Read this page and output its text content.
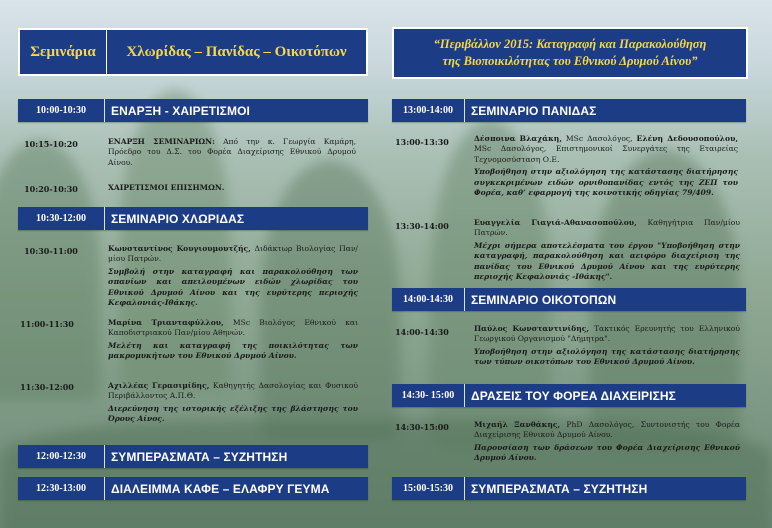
Σεμινάρια	Χλωρίδας – Πανίδας – Οικοτόπων	“Περιβάλλον 2015: Καταγραφή και Παρακολούθηση
της Βιοποικιλότητας του Εθνικού Δρυμού Αίνου”
10:00-10:30	ΕΝΑΡΞΗ - ΧΑΙΡΕΤΙΣΜΟΙ
10:15-10:20	ΕΝΑΡΞΗ ΣΕΜΙΝΑΡΙΩΝ: Από την κ. Γεωργία Καμάρη, Πρόεδρο του Δ.Σ. του Φορέα Διαχείρισης Εθνικού Δρυμού Αίνου.
10:20-10:30	ΧΑΙΡΕΤΙΣΜΟΙ ΕΠΙΣΗΜΩΝ.
10:30-12:00	ΣΕΜΙΝΑΡΙΟ ΧΛΩΡΙΔΑΣ
10:30-11:00	Κωνσταντίνος Κουγιουμουτζής, Διδάκτωρ Βιολογίας Παν/μίου Πατρών.
Συμβολή στην καταγραφή και παρακολούθηση των σπανίων και απειλουμένων ειδών χλωρίδας του Εθνικού Δρυμού Αίνου και της ευρύτερης περιοχής Κεφαλονιάς-Ιθάκης.
11:00-11:30	Μαρίνα Τριανταφύλλου, MSc Βιολόγος Εθνικού και Καποδιστριακού Παν/μίου Αθηνών.
Μελέτη και καταγραφή της ποικιλότητας των μακρομυκήτων του Εθνικού Δρυμού Αίνου.
11:30-12:00	Αχιλλέας Γερασιμίδης, Καθηγητής Δασολογίας και Φυσικού Περιβάλλοντος Α.Π.Θ.
Διερεύνηση της ιστορικής εξέλιξης της βλάστησης του Όρους Αίνος.
12:00-12:30	ΣΥΜΠΕΡΑΣΜΑΤΑ – ΣΥΖΗΤΗΣΗ
12:30-13:00	ΔΙΑΛΕΙΜΜΑ ΚΑΦΕ – ΕΛΑΦΡΥ ΓΕΥΜΑ
13:00-14:00	ΣΕΜΙΝΑΡΙΟ ΠΑΝΙΔΑΣ
13:00-13:30	Δέσποινα Βλαχάκη, MSc Δασολόγος, Ελένη Δεδουσοπούλου, MSc Δασολόγος, Επιστημονικοί Συνεργάτες της Εταιρείας Τεχνομοσύσταση Ο.Ε.
Υποβοήθηση στην αξιολόγηση της κατάστασης διατήρησης συγκεκριμένων ειδών ορνιθοπανίδας εντός της ΖΕΠ του Φορέα, καθ’ εφαρμογή της κοινοτικής οδηγίας 79/409.
13:30-14:00	Ευαγγελία Γιαγιά-Αθανασοπούλου, Καθηγήτρια Παν/μίου Πατρών.
Μέχρι σήμερα αποτελέσματα του έργου "Υποβοήθηση στην καταγραφή, παρακολούθηση και αειφόρο διαχείριση της πανίδας του Εθνικού Δρυμού Αίνου και της ευρύτερης περιοχής Κεφαλονιάς -Ιθάκης".
14:00-14:30	ΣΕΜΙΝΑΡΙΟ ΟΙΚΟΤΟΠΩΝ
14:00-14:30	Παύλος Κωνσταντινίδης, Τακτικός Ερευνητής του Ελληνικού Γεωργικού Οργανισμού "Δήμητρα".
Υποβοήθηση στην αξιολόγηση της κατάστασης διατήρησης των τύπων οικοτόπων του Εθνικού Δρυμού Αίνου.
14:30- 15:00	ΔΡΑΣΕΙΣ ΤΟΥ ΦΟΡΕΑ ΔΙΑΧΕΙΡΙΣΗΣ
14:30-15:00	Μιχαήλ Ξανθάκης, PhD Δασολόγος, Συντονιστής του Φορέα Διαχείρισης Εθνικού Δρυμού Αίνου.
Παρουσίαση των δράσεων του Φορέα Διαχείρισης Εθνικού Δρυμού Αίνου.
15:00-15:30	ΣΥΜΠΕΡΑΣΜΑΤΑ – ΣΥΖΗΤΗΣΗ
